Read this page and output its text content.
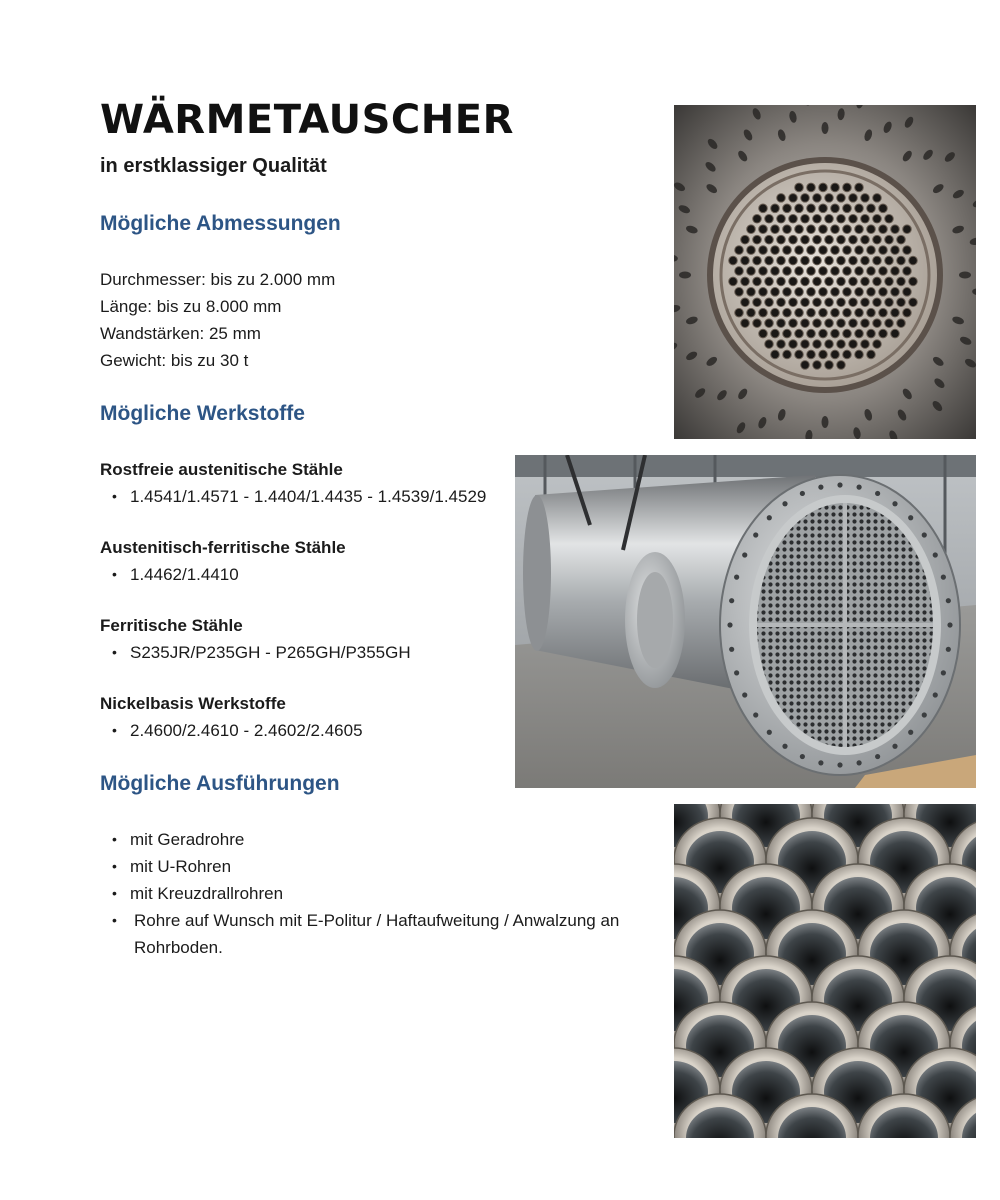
WÄRMETAUSCHER

in erstklassiger Qualität

Mögliche Abmessungen

Durchmesser: bis zu 2.000 mm

Länge: bis zu 8.000 mm

Wandstärken: 25 mm

Gewicht: bis zu 30 t

Mögliche Werkstoffe

Rostfreie austenitische Stähle

1.4541/1.4571 - 1.4404/1.4435 - 1.4539/1.4529

Austenitisch-ferritische Stähle

1.4462/1.4410

Ferritische Stähle

S235JR/P235GH - P265GH/P355GH

Nickelbasis Werkstoffe

2.4600/2.4610 - 2.4602/2.4605
Mögliche Ausführungen
mit Geradrohre
mit U-Rohren
mit Kreuzdrallrohren
Rohre auf Wunsch mit E-Politur / Haftaufweitung / Anwalzung an Rohrboden.
